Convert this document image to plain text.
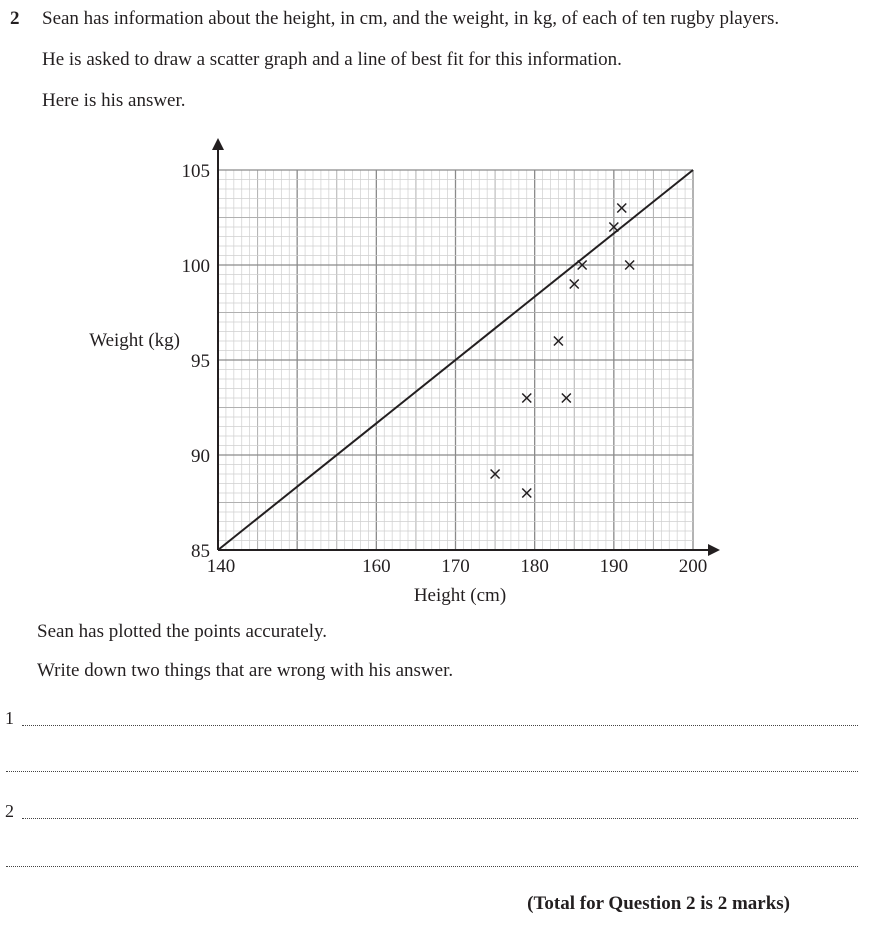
2 Sean has information about the height, in cm, and the weight, in kg, of each of ten rugby players.
He is asked to draw a scatter graph and a line of best fit for this information.
Here is his answer.
140	160	170	180	190	200
85
90
95
100
105
Height (cm)
Weight (kg)
Sean has plotted the points accurately.
Write down two things that are wrong with his answer.
1
2
(Total for Question 2 is 2 marks)
